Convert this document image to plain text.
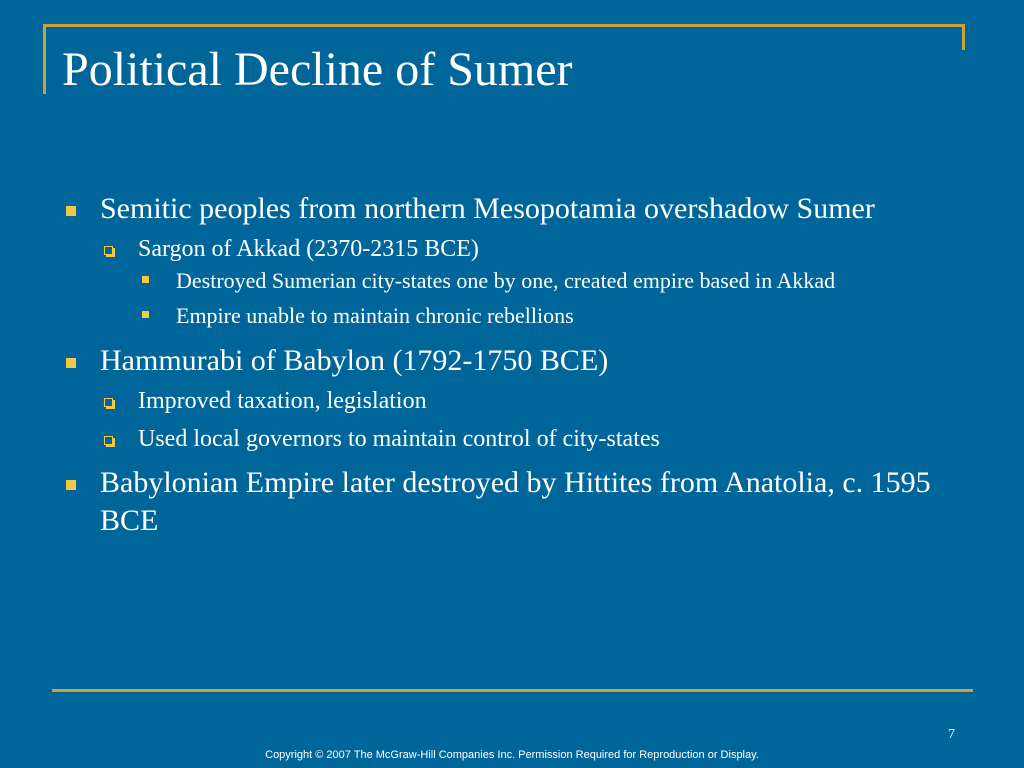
Political Decline of Sumer
Semitic peoples from northern Mesopotamia overshadow Sumer
Sargon of Akkad (2370-2315 BCE)
Destroyed Sumerian city-states one by one, created empire based in Akkad
Empire unable to maintain chronic rebellions
Hammurabi of Babylon (1792-1750 BCE)
Improved taxation, legislation
Used local governors to maintain control of city-states
Babylonian Empire later destroyed by Hittites from Anatolia, c. 1595 BCE
7
Copyright © 2007 The McGraw-Hill Companies Inc. Permission Required for Reproduction or Display.
